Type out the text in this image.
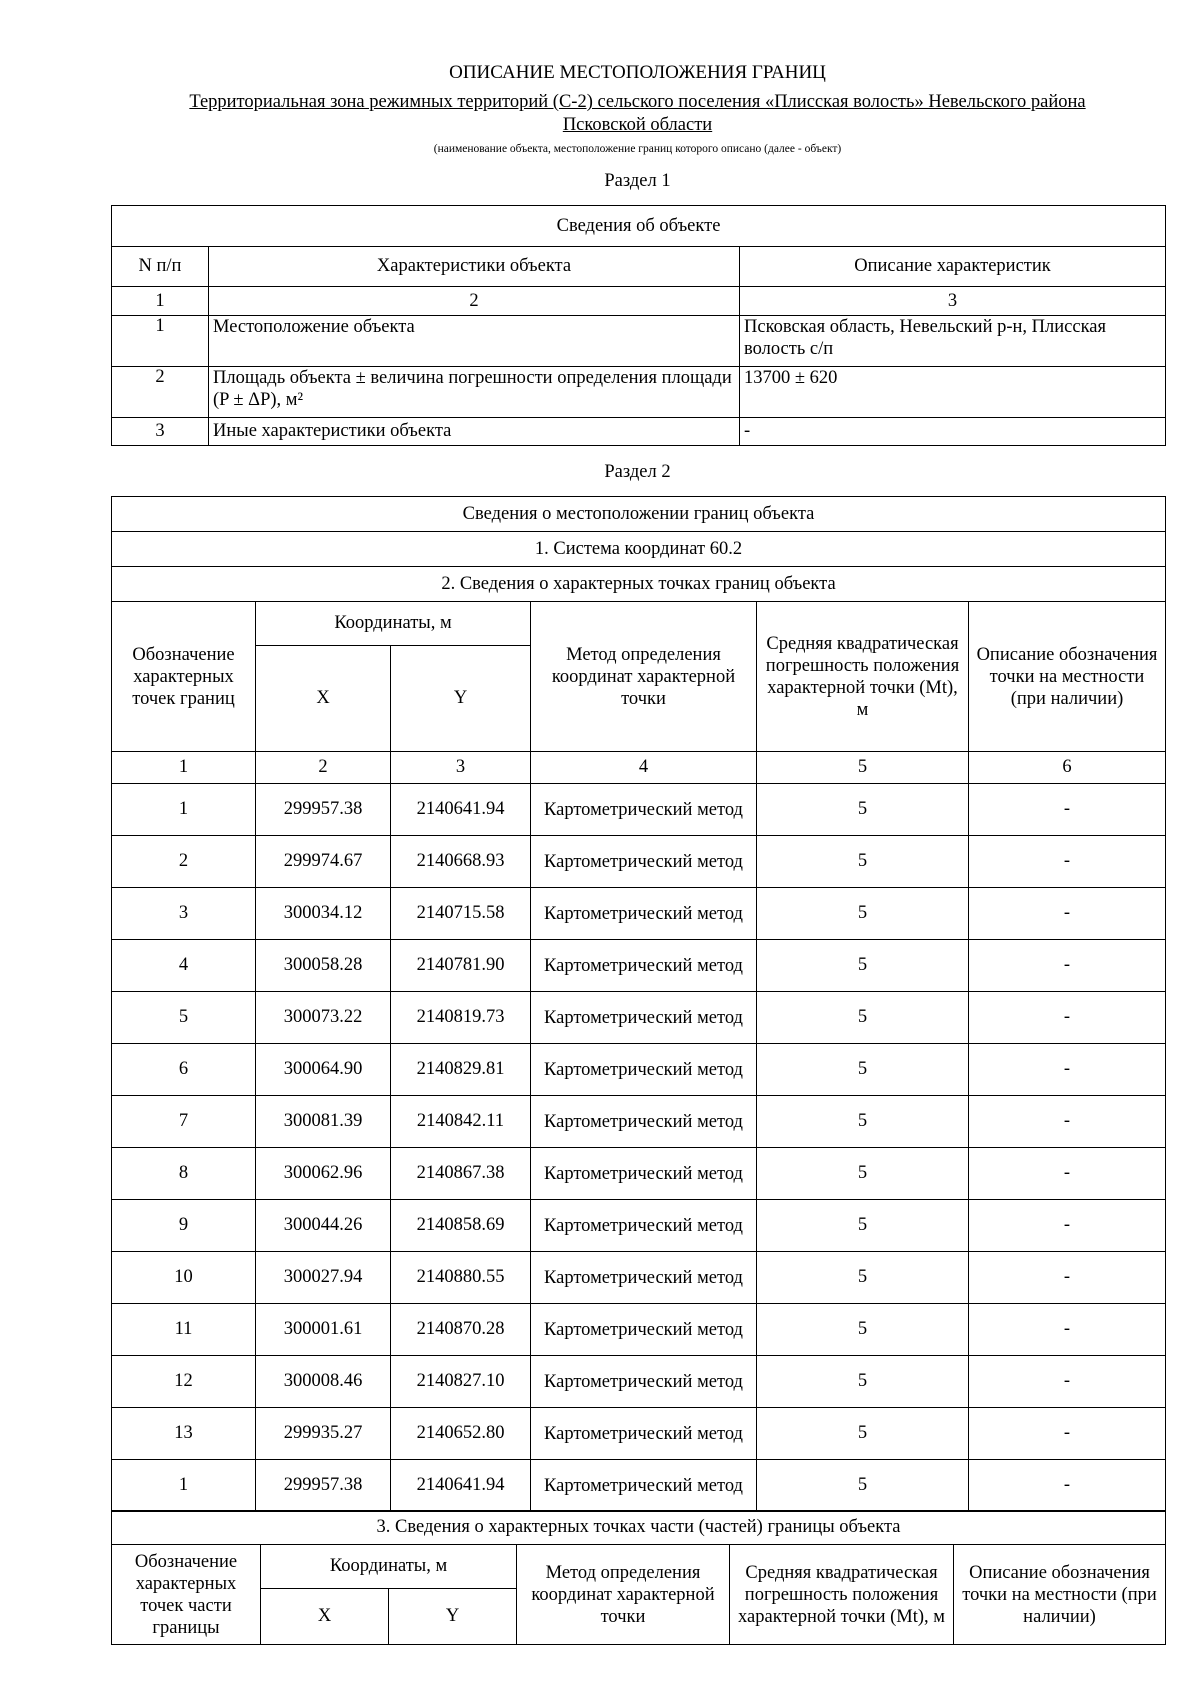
ОПИСАНИЕ МЕСТОПОЛОЖЕНИЯ ГРАНИЦ
Территориальная зона режимных территорий (С-2) сельского поселения «Плисская волость» Невельского района
Псковской области
(наименование объекта, местоположение границ которого описано (далее - объект)
Раздел 1
Сведения об объекте		
N п/п	Характеристики объекта	Описание характеристик
1	2	3
1	Местоположение объекта	Псковская область, Невельский р-н, Плисская волость с/п
2	Площадь объекта ± величина погрешности определения площади (P ± ΔP), м²	13700 ± 620
3	Иные характеристики объекта	-
Раздел 2
Сведения о местоположении границ объекта					
1. Система координат 60.2					
2. Сведения о характерных точках границ объекта					
Обозначение характерных точек границ	Координаты, м		Метод определения координат характерной точки	Средняя квадратическая погрешность положения характерной точки (Mt), м	Описание обозначения точки на местности (при наличии)
	X	Y			
1	2	3	4	5	6
1	299957.38	2140641.94	Картометрический метод	5	-
2	299974.67	2140668.93	Картометрический метод	5	-
3	300034.12	2140715.58	Картометрический метод	5	-
4	300058.28	2140781.90	Картометрический метод	5	-
5	300073.22	2140819.73	Картометрический метод	5	-
6	300064.90	2140829.81	Картометрический метод	5	-
7	300081.39	2140842.11	Картометрический метод	5	-
8	300062.96	2140867.38	Картометрический метод	5	-
9	300044.26	2140858.69	Картометрический метод	5	-
10	300027.94	2140880.55	Картометрический метод	5	-
11	300001.61	2140870.28	Картометрический метод	5	-
12	300008.46	2140827.10	Картометрический метод	5	-
13	299935.27	2140652.80	Картометрический метод	5	-
1	299957.38	2140641.94	Картометрический метод	5	-
3. Сведения о характерных точках части (частей) границы объекта					
Обозначение характерных точек части границы	Координаты, м		Метод определения координат характерной точки	Средняя квадратическая погрешность положения характерной точки (Mt), м	Описание обозначения точки на местности (при наличии)
	X	Y			
